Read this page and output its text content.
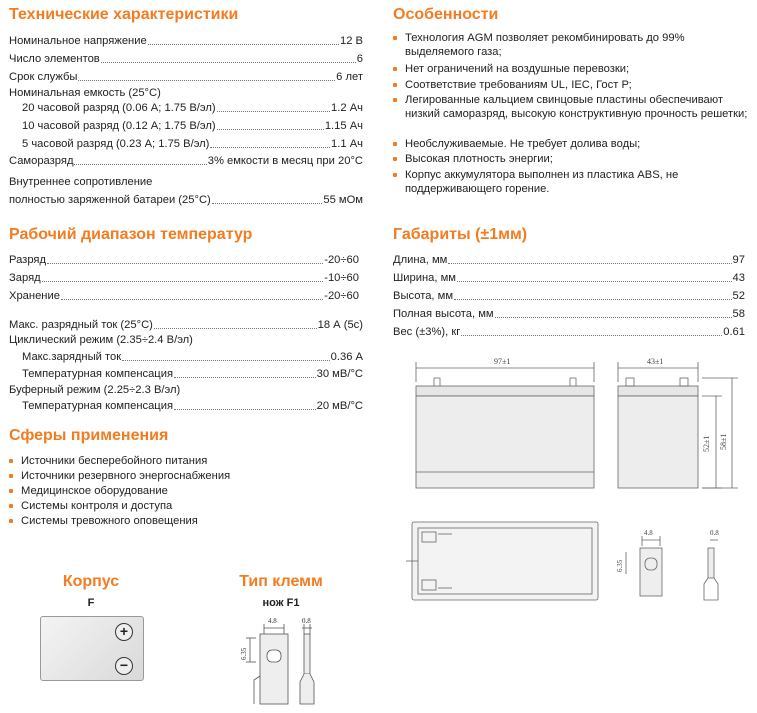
Технические характеристики
Номинальное напряжение	12 В
Число элементов	6
Срок службы	6 лет
Номинальная емкость (25°С)
20 часовой разряд (0.06 А; 1.75 В/эл)	1.2 Ач
10 часовой разряд (0.12 А; 1.75 В/эл)	1.15 Ач
5 часовой разряд (0.23 А; 1.75 В/эл)	1.1 Ач
Саморазряд	3% емкости в месяц при 20°С
Внутреннее сопротивление
полностью заряженной батареи (25°С)	55 мОм
Рабочий диапазон температур
Разряд	-20÷60
Заряд	-10÷60
Хранение	-20÷60
Макс. разрядный ток (25°С)	18 А (5с)
Циклический режим (2.35÷2.4 В/эл)
Макс.зарядный ток	0.36 А
Температурная компенсация	30 мВ/°С
Буферный режим (2.25÷2.3 В/эл)
Температурная компенсация	20 мВ/°С
Сферы применения
Источники бесперебойного питания
Источники резервного энергоснабжения
Медицинское оборудование
Системы контроля и доступа
Системы тревожного оповещения
Корпус
F
+
−
Тип клемм
нож F1
4.8	0.8
6.35
Особенности
Технология AGM позволяет рекомбинировать до 99% выделяемого газа;
Нет ограничений на воздушные перевозки;
Соответствие требованиям UL, IEC, Гост Р;
Легированные кальцием свинцовые пластины обеспечивают низкий саморазряд, высокую конструктивную прочность решетки;
Необслуживаемые. Не требует долива воды;
Высокая плотность энергии;
Корпус аккумулятора выполнен из пластика ABS, не поддерживающего горение.
Габариты (±1мм)
Длина, мм	97
Ширина, мм	43
Высота, мм	52
Полная высота, мм	58
Вес (±3%), кг	0.61
97±1	43±1
52±1 58±1
4.8
6.35
0.8
